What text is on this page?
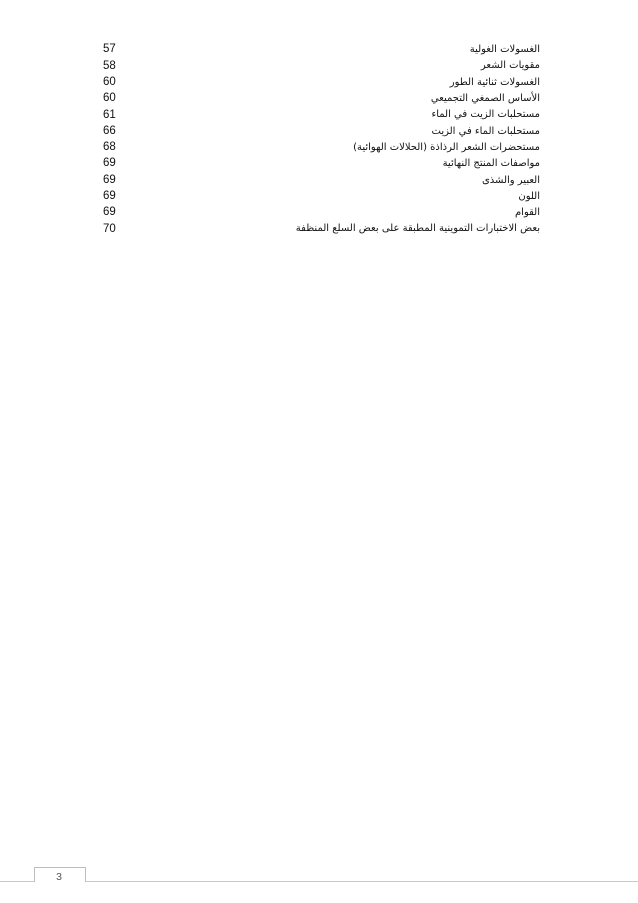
57	الغسولات الغولية
58	مقويات الشعر
60	الغسولات ثنائية الطور
60	الأساس الصمغي التجميعي
61	مستحلبات الزيت في الماء
66	مستحلبات الماء في الزيت
68	مستحضرات الشعر الرذاذة (الحلالات الهوائية)
69	مواصفات المنتج النهائية
69	العبير والشذى
69	اللون
69	القوام
70	بعض الاختبارات التموينية المطبقة على بعض السلع المنظفة
3
